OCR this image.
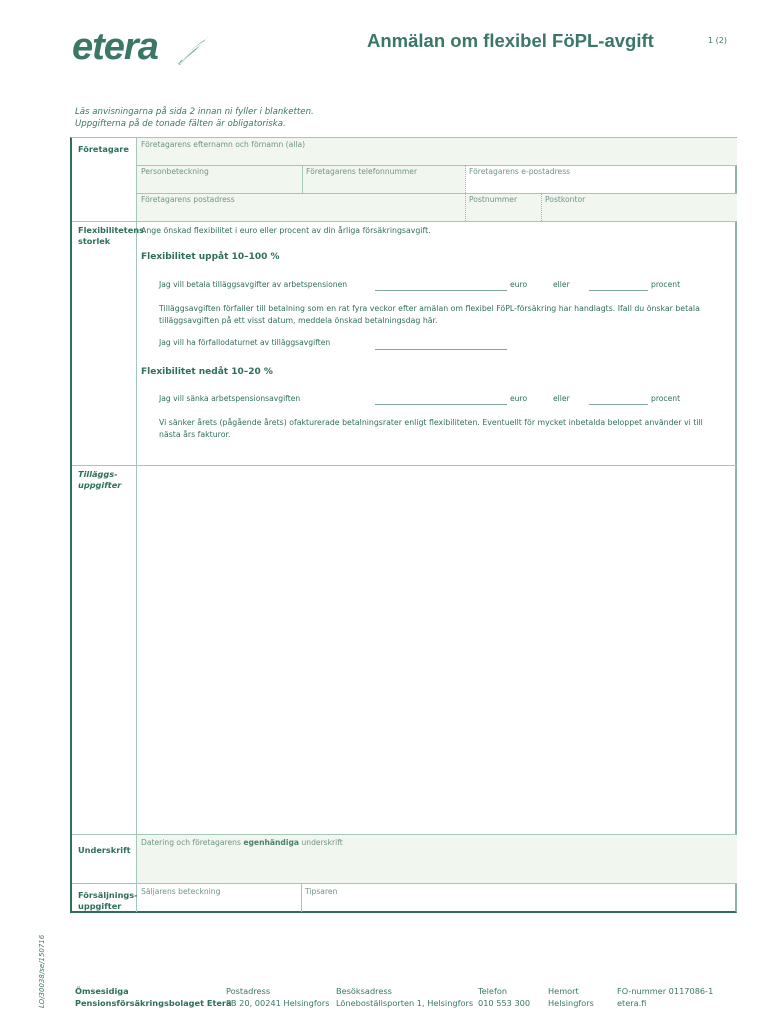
etera	Anmälan om flexibel FöPL-avgift	1 (2)
Läs anvisningarna på sida 2 innan ni fyller i blanketten.
Uppgifterna på de tonade fälten är obligatoriska.
Företagare Företagarens efternamn och förnamn (alla)
Personbeteckning	Företagarens telefonnummer	Företagarens e-postadress
Företagarens postadress	Postnummer	Postkontor
Flexibilitetens
storlek
Ange önskad flexibilitet i euro eller procent av din årliga försäkringsavgift.
Flexibilitet uppåt 10–100 %
Jag vill betala tilläggsavgifter av arbetspensionen	euro	eller	procent
Tilläggsavgiften förfaller till betalning som en rat fyra veckor efter amälan om flexibel FöPL-försäkring har handlagts. Ifall du önskar betala
tilläggsavgiften på ett visst datum, meddela önskad betalningsdag här.
Jag vill ha förfallodaturnet av tilläggsavgiften
Flexibilitet nedåt 10–20 %
Jag vill sänka arbetspensionsavgiften	euro	eller	procent
Vi sänker årets (pågående årets) ofakturerade betalningsrater enligt flexibiliteten. Eventuellt för mycket inbetalda beloppet använder vi till
nästa års fakturor.
Tilläggs-
uppgifter
Underskrift
Datering och företagarens egenhändiga underskrift
Försäljnings-
uppgifter
Säljarens beteckning	Tipsaren
LO/30038/se/150716	Ömsesidiga
Pensionsförsäkringsbolaget Etera
Postadress
PB 20, 00241 Helsingfors
Besöksadress
Löneboställsporten 1, Helsingfors
Telefon
010 553 300
Hemort
Helsingfors
FO-nummer 0117086-1
etera.fi
